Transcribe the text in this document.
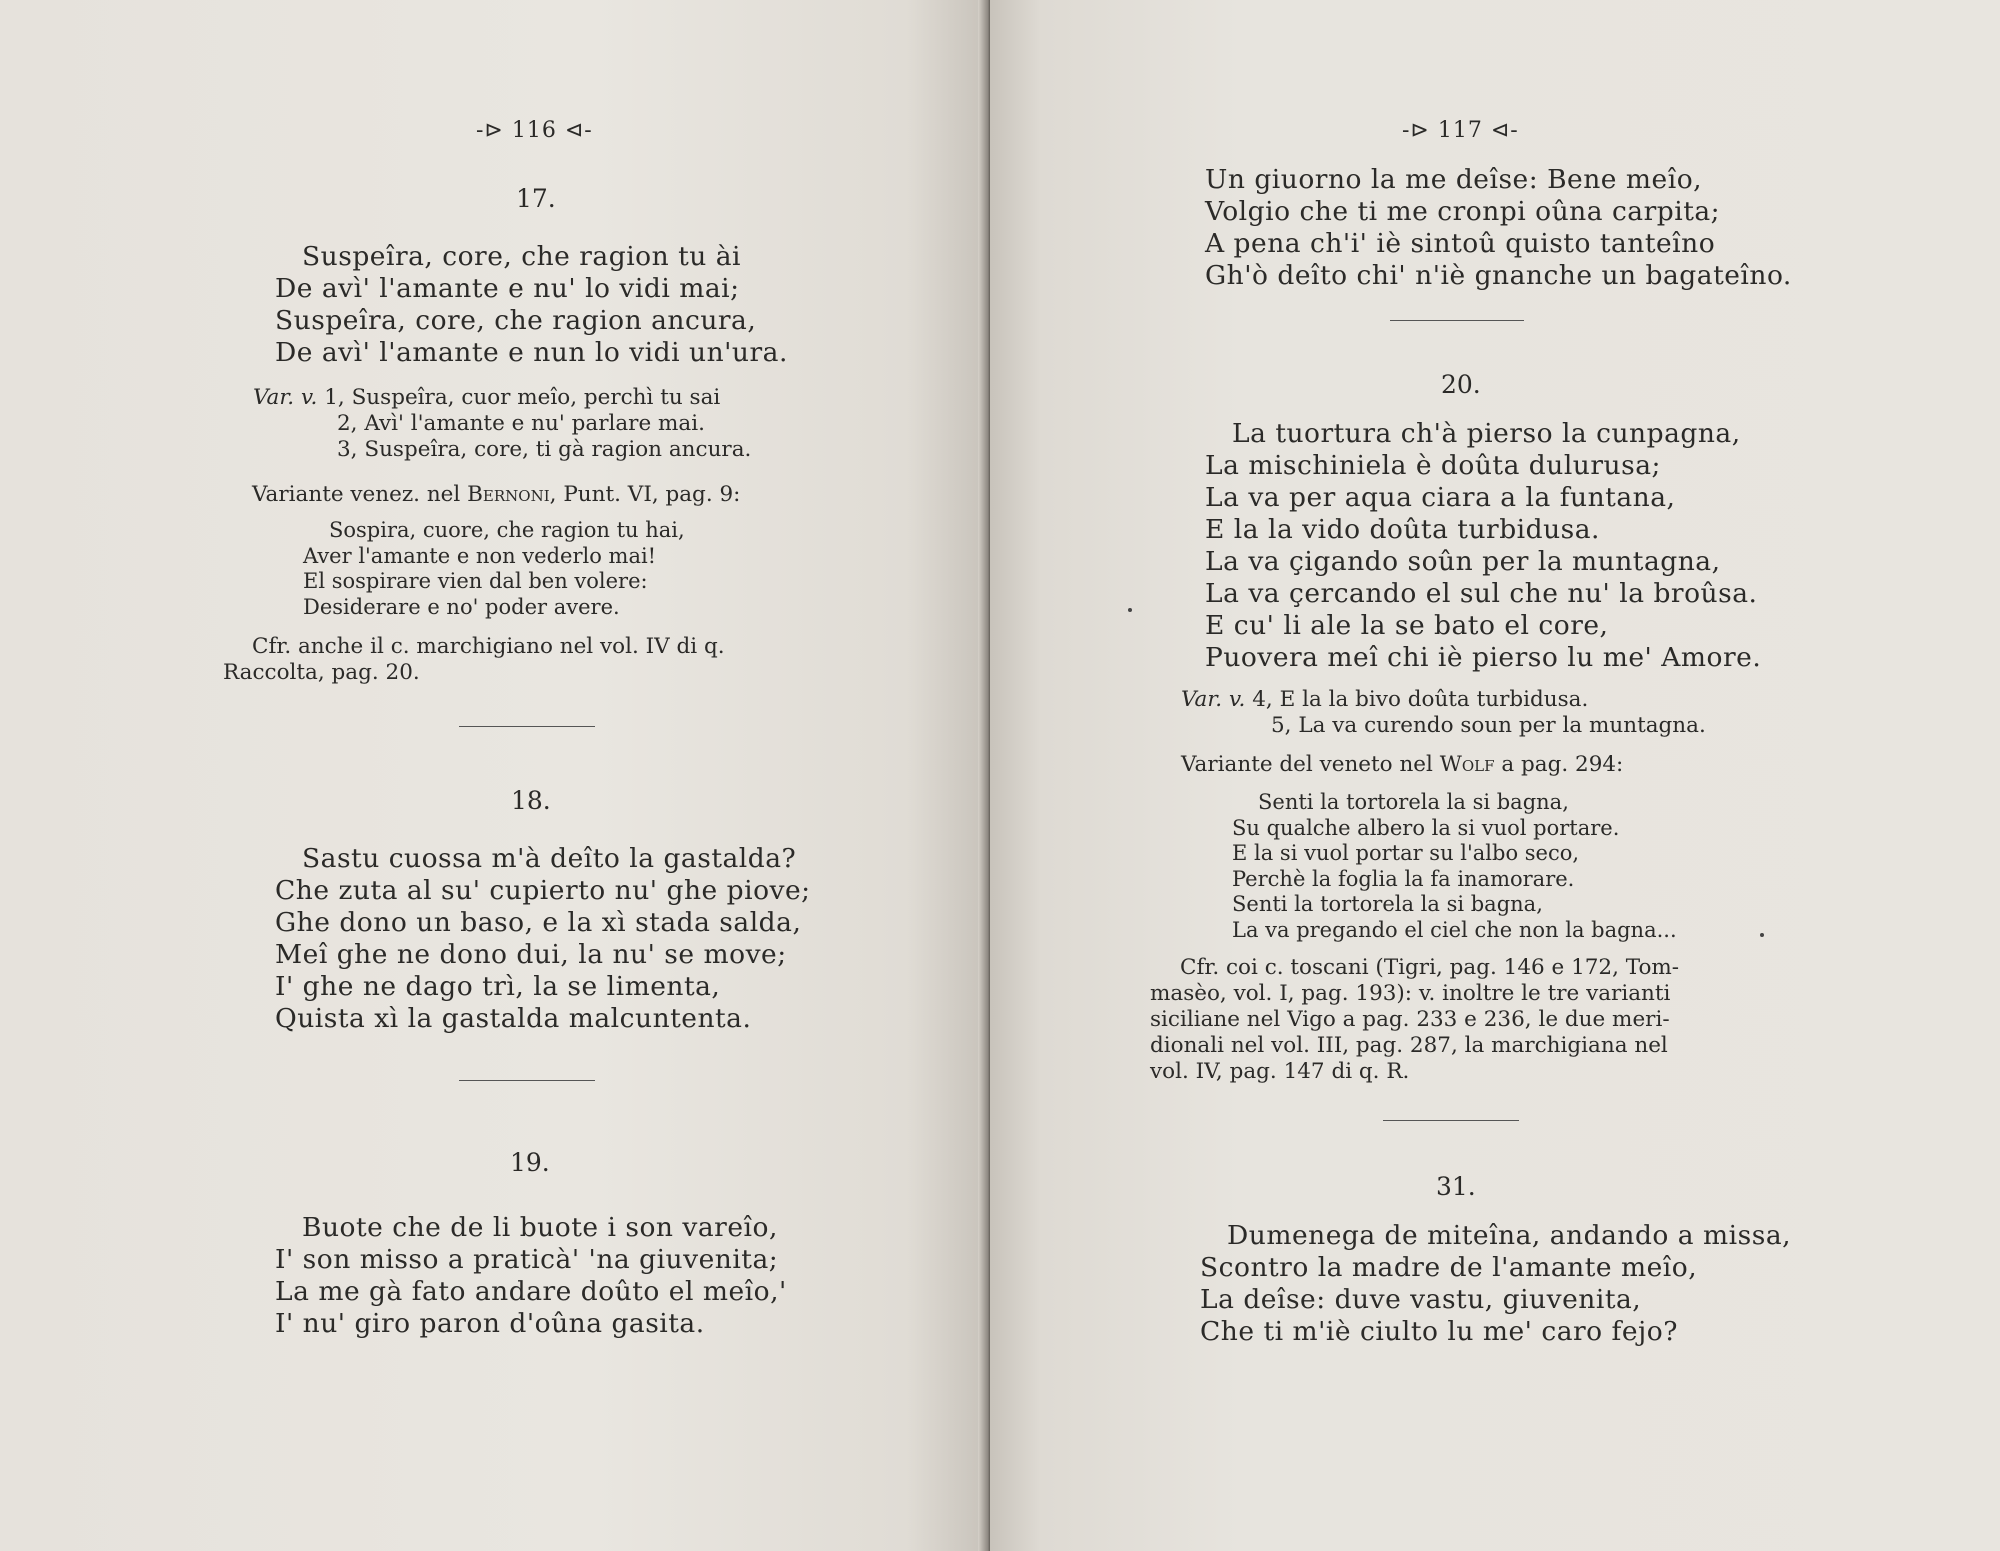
-⊳ 116 ⊲-
17.
Suspeîra, core, che ragion tu ài
De avì' l'amante e nu' lo vidi mai;
Suspeîra, core, che ragion ancura,
De avì' l'amante e nun lo vidi un'ura.
Var. v. 1, Suspeîra, cuor meîo, perchì tu sai
2, Avì' l'amante e nu' parlare mai.
3, Suspeîra, core, ti gà ragion ancura.
Variante venez. nel Bernoni, Punt. VI, pag. 9:
Sospira, cuore, che ragion tu hai,
Aver l'amante e non vederlo mai!
El sospirare vien dal ben volere:
Desiderare e no' poder avere.
Cfr. anche il c. marchigiano nel vol. IV di q.
Raccolta, pag. 20.
18.
Sastu cuossa m'à deîto la gastalda?
Che zuta al su' cupierto nu' ghe piove;
Ghe dono un baso, e la xì stada salda,
Meî ghe ne dono dui, la nu' se move;
I' ghe ne dago trì, la se limenta,
Quista xì la gastalda malcuntenta.
19.
Buote che de li buote i son vareîo,
I' son misso a praticà' 'na giuvenita;
La me gà fato andare doûto el meîo,'
I' nu' giro paron d'oûna gasita.
-⊳ 117 ⊲-
Un giuorno la me deîse: Bene meîo,
Volgio che ti me cronpi oûna carpita;
A pena ch'i' iè sintoû quisto tanteîno
Gh'ò deîto chi' n'iè gnanche un bagateîno.
20.
La tuortura ch'à pierso la cunpagna,
La mischiniela è doûta dulurusa;
La va per aqua ciara a la funtana,
E la la vido doûta turbidusa.
La va çigando soûn per la muntagna,
La va çercando el sul che nu' la broûsa.
E cu' li ale la se bato el core,
Puovera meî chi iè pierso lu me' Amore.
Var. v. 4, E la la bivo doûta turbidusa.
5, La va curendo soun per la muntagna.
Variante del veneto nel Wolf a pag. 294:
Senti la tortorela la si bagna,
Su qualche albero la si vuol portare.
E la si vuol portar su l'albo seco,
Perchè la foglia la fa inamorare.
Senti la tortorela la si bagna,
La va pregando el ciel che non la bagna...
Cfr. coi c. toscani (Tigri, pag. 146 e 172, Tom-
masèo, vol. I, pag. 193): v. inoltre le tre varianti
siciliane nel Vigo a pag. 233 e 236, le due meri-
dionali nel vol. III, pag. 287, la marchigiana nel
vol. IV, pag. 147 di q. R.
31.
Dumenega de miteîna, andando a missa,
Scontro la madre de l'amante meîo,
La deîse: duve vastu, giuvenita,
Che ti m'iè ciulto lu me' caro fejo?
